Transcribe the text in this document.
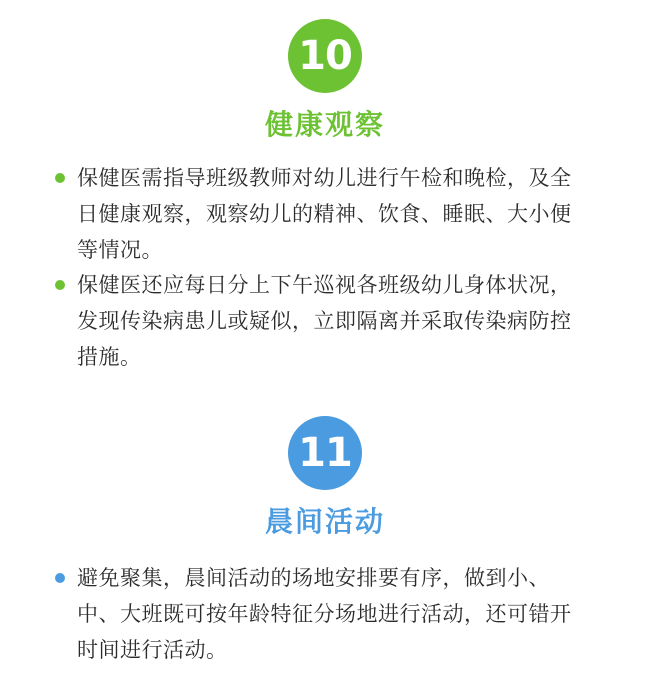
10
健康观察
保健医需指导班级教师对幼儿进行午检和晚检，及全
日健康观察，观察幼儿的精神、饮食、睡眠、大小便
等情况。
保健医还应每日分上下午巡视各班级幼儿身体状况，
发现传染病患儿或疑似，立即隔离并采取传染病防控
措施。
11
晨间活动
避免聚集，晨间活动的场地安排要有序，做到小、
中、大班既可按年龄特征分场地进行活动，还可错开
时间进行活动。
